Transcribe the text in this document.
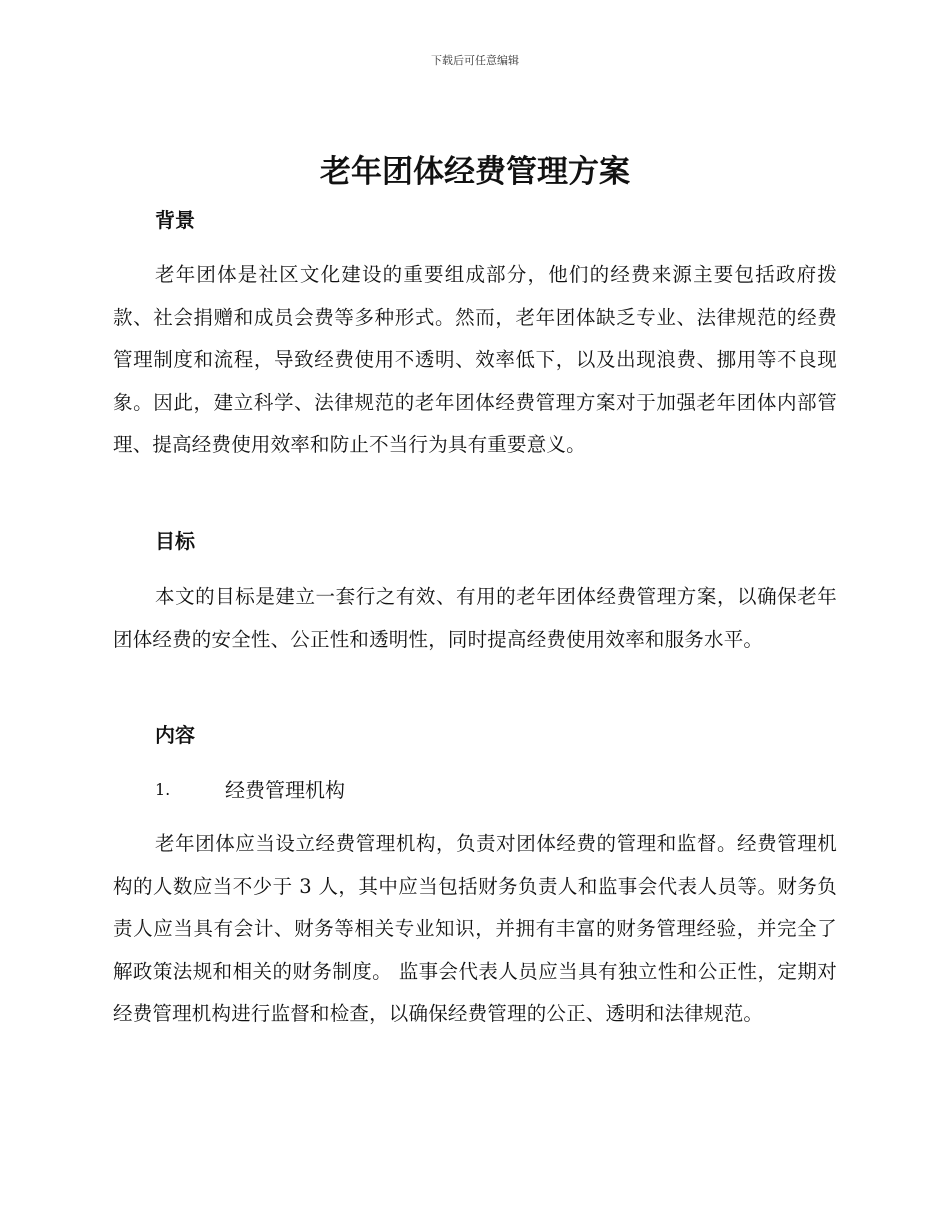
下载后可任意编辑
老年团体经费管理方案
背景

老年团体是社区文化建设的重要组成部分，他们的经费来源主要包括政府拨款、社会捐赠和成员会费等多种形式。然而，老年团体缺乏专业、法律规范的经费管理制度和流程，导致经费使用不透明、效率低下，以及出现浪费、挪用等不良现象。因此，建立科学、法律规范的老年团体经费管理方案对于加强老年团体内部管理、提高经费使用效率和防止不当行为具有重要意义。

目标

本文的目标是建立一套行之有效、有用的老年团体经费管理方案，以确保老年团体经费的安全性、公正性和透明性，同时提高经费使用效率和服务水平。

内容
1.	经费管理机构

老年团体应当设立经费管理机构，负责对团体经费的管理和监督。经费管理机构的人数应当不少于 3 人，其中应当包括财务负责人和监事会代表人员等。财务负责人应当具有会计、财务等相关专业知识，并拥有丰富的财务管理经验，并完全了解政策法规和相关的财务制度。 监事会代表人员应当具有独立性和公正性，定期对经费管理机构进行监督和检查，以确保经费管理的公正、透明和法律规范。
